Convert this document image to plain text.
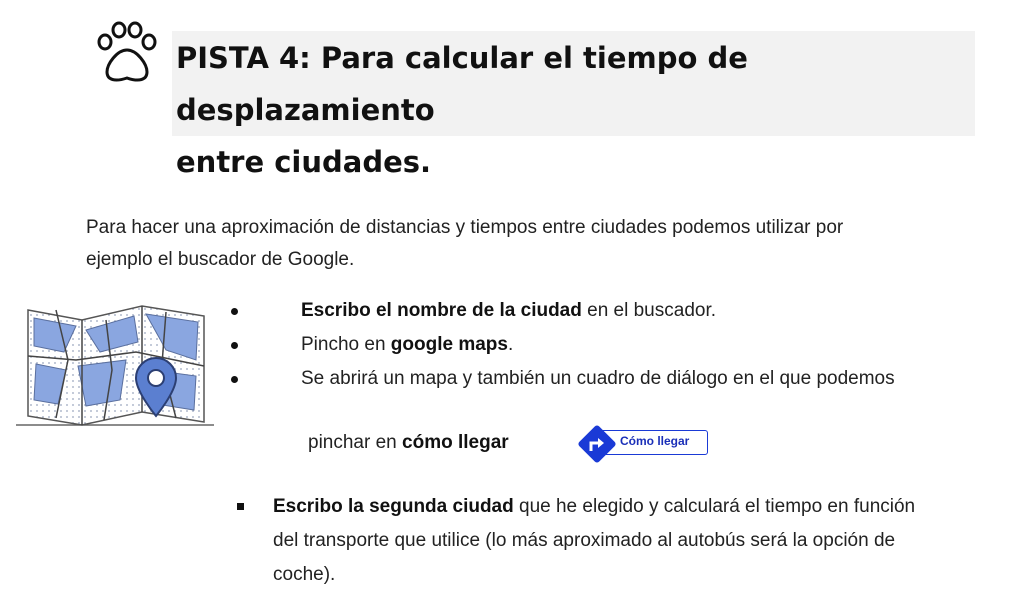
PISTA 4: Para calcular el tiempo de desplazamiento
entre ciudades.
Para hacer una aproximación de distancias y tiempos entre ciudades podemos utilizar por
ejemplo el buscador de Google.
Escribo el nombre de la ciudad en el buscador.
Pincho en google maps.
Se abrirá un mapa y también un cuadro de diálogo en el que podemos
pinchar en cómo llegar	Cómo llegar
Escribo la segunda ciudad que he elegido y calculará el tiempo en función
del transporte que utilice (lo más aproximado al autobús será la opción de
coche).
